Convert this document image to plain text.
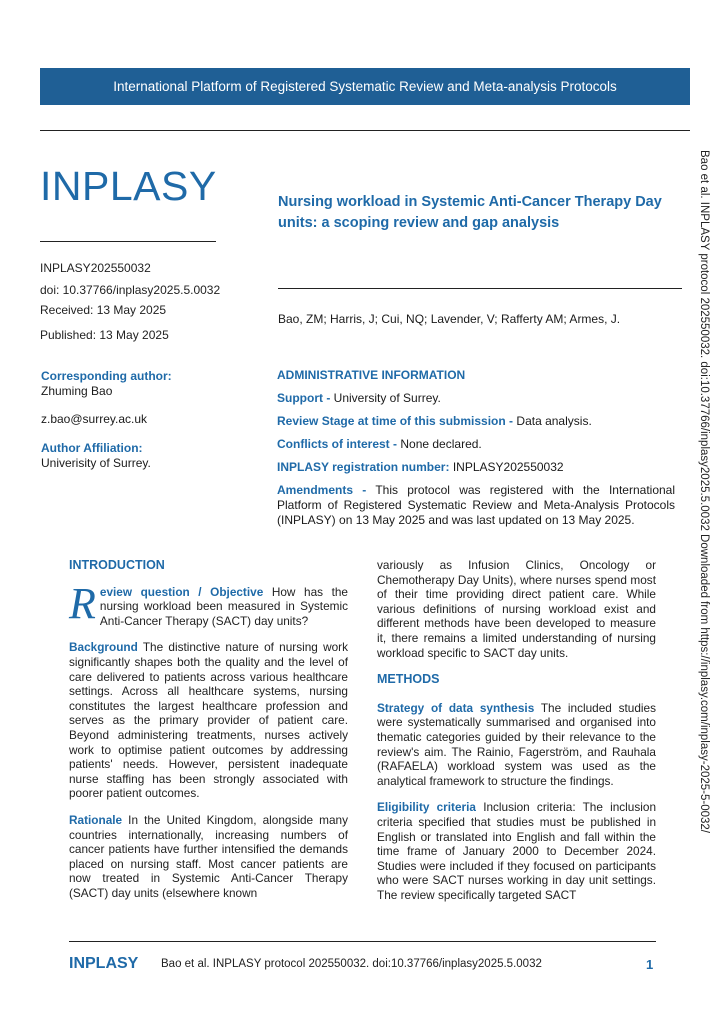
International Platform of Registered Systematic Review and Meta-analysis Protocols
INPLASY
INPLASY202550032
doi: 10.37766/inplasy2025.5.0032
Received: 13 May 2025
Published: 13 May 2025
Nursing workload in Systemic Anti-Cancer Therapy Day units: a scoping review and gap analysis
Bao, ZM; Harris, J; Cui, NQ; Lavender, V; Rafferty AM; Armes, J.
Corresponding author:
Zhuming Bao
z.bao@surrey.ac.uk
Author Affiliation:
Univerisity of Surrey.
ADMINISTRATIVE INFORMATION
Support - University of Surrey.
Review Stage at time of this submission - Data analysis.
Conflicts of interest - None declared.
INPLASY registration number: INPLASY202550032
Amendments - This protocol was registered with the International Platform of Registered Systematic Review and Meta-Analysis Protocols (INPLASY) on 13 May 2025 and was last updated on 13 May 2025.	Bao et al. INPLASY protocol 202550032. doi:10.37766/inplasy2025.5.0032 Downloaded from https://inplasy.com/inplasy-2025-5-0032/
INTRODUCTION

R eview question / Objective How has the nursing workload been measured in Systemic Anti-Cancer Therapy (SACT) day units?

Background The distinctive nature of nursing work significantly shapes both the quality and the level of care delivered to patients across various healthcare settings. Across all healthcare systems, nursing constitutes the largest healthcare profession and serves as the primary provider of patient care. Beyond administering treatments, nurses actively work to optimise patient outcomes by addressing patients' needs. However, persistent inadequate nurse staffing has been strongly associated with poorer patient outcomes.

Rationale In the United Kingdom, alongside many countries internationally, increasing numbers of cancer patients have further intensified the demands placed on nursing staff. Most cancer patients are now treated in Systemic Anti-Cancer Therapy (SACT) day units (elsewhere known

variously as Infusion Clinics, Oncology or Chemotherapy Day Units), where nurses spend most of their time providing direct patient care. While various definitions of nursing workload exist and different methods have been developed to measure it, there remains a limited understanding of nursing workload specific to SACT day units.

METHODS

Strategy of data synthesis The included studies were systematically summarised and organised into thematic categories guided by their relevance to the review's aim. The Rainio, Fagerström, and Rauhala (RAFAELA) workload system was used as the analytical framework to structure the findings.

Eligibility criteria Inclusion criteria: The inclusion criteria specified that studies must be published in English or translated into English and fall within the time frame of January 2000 to December 2024. Studies were included if they focused on participants who were SACT nurses working in day unit settings. The review specifically targeted SACT

INPLASY Bao et al. INPLASY protocol 202550032. doi:10.37766/inplasy2025.5.0032	1
